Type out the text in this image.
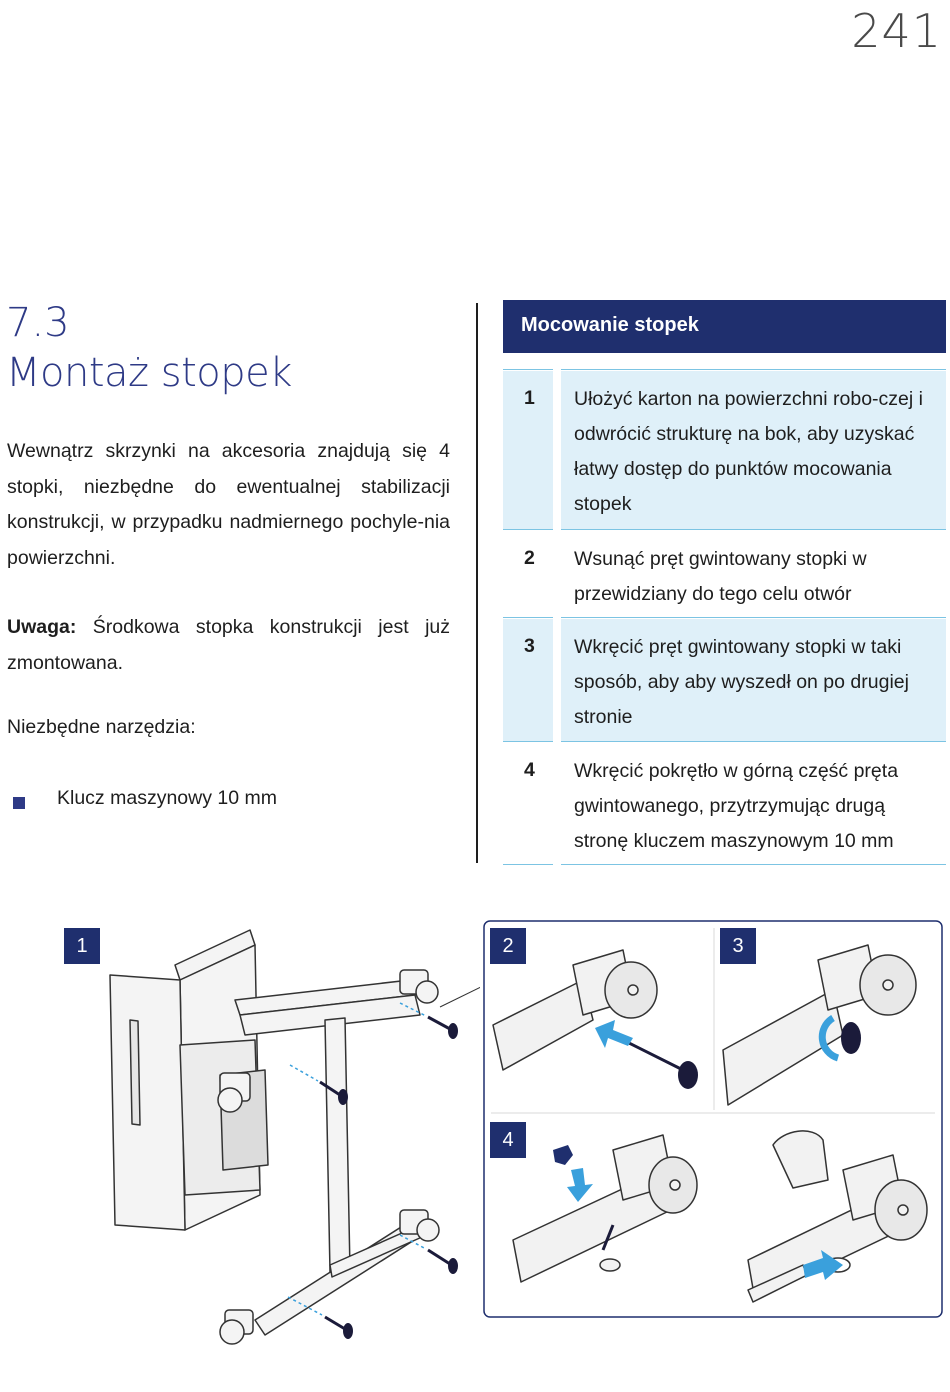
241
7.3
Montaż stopek
Wewnątrz skrzynki na akcesoria znajdują się 4 stopki, niezbędne do ewentualnej stabilizacji konstrukcji, w przypadku nadmiernego pochyle-nia powierzchni.
Uwaga: Środkowa stopka konstrukcji jest już zmontowana.
Niezbędne narzędzia:
Klucz maszynowy 10 mm
Mocowanie stopek
1	Ułożyć karton na powierzchni robo-czej i odwrócić strukturę na bok, aby uzyskać łatwy dostęp do punktów mocowania stopek
2	Wsunąć pręt gwintowany stopki w przewidziany do tego celu otwór
3	Wkręcić pręt gwintowany stopki w taki sposób, aby aby wyszedł on po drugiej stronie
4	Wkręcić pokrętło w górną część pręta gwintowanego, przytrzymując drugą stronę kluczem maszynowym 10 mm
1	2	3
4
